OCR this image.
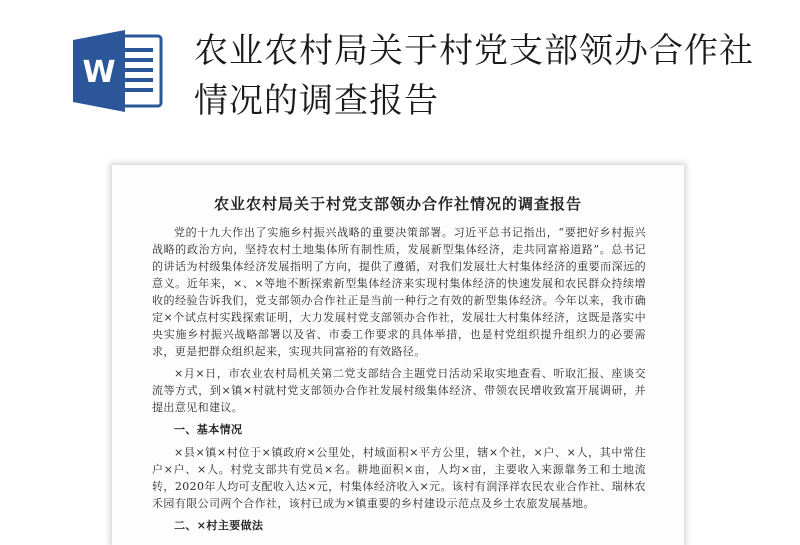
W
农业农村局关于村党支部领办合作社情况的调查报告
农业农村局关于村党支部领办合作社情况的调查报告

党的十九大作出了实施乡村振兴战略的重要决策部署。习近平总书记指出，“要把好乡村振兴战略的政治方向，坚持农村土地集体所有制性质，发展新型集体经济，走共同富裕道路”。总书记的讲话为村级集体经济发展指明了方向，提供了遵循，对我们发展壮大村集体经济的重要而深远的意义。近年来，×、×等地不断探索新型集体经济来实现村集体经济的快速发展和农民群众持续增收的经验告诉我们，党支部领办合作社正是当前一种行之有效的新型集体经济。今年以来，我市确定×个试点村实践探索证明，大力发展村党支部领办合作社，发展壮大村集体经济，这既是落实中央实施乡村振兴战略部署以及省、市委工作要求的具体举措，也是村党组织提升组织力的必要需求，更是把群众组织起来，实现共同富裕的有效路径。

×月×日，市农业农村局机关第二党支部结合主题党日活动采取实地查看、听取汇报、座谈交流等方式，到×镇×村就村党支部领办合作社发展村级集体经济、带领农民增收致富开展调研，并提出意见和建议。

一、基本情况

×县×镇×村位于×镇政府×公里处，村域面积×平方公里，辖×个社，×户、×人，其中常住户×户、×人。村党支部共有党员×名。耕地面积×亩，人均×亩，主要收入来源靠务工和土地流转，2020年人均可支配收入达×元，村集体经济收入×元。该村有润泽祥农民农业合作社、瑞林农禾园有限公司两个合作社，该村已成为×镇重要的乡村建设示范点及乡土农旅发展基地。

二、×村主要做法
